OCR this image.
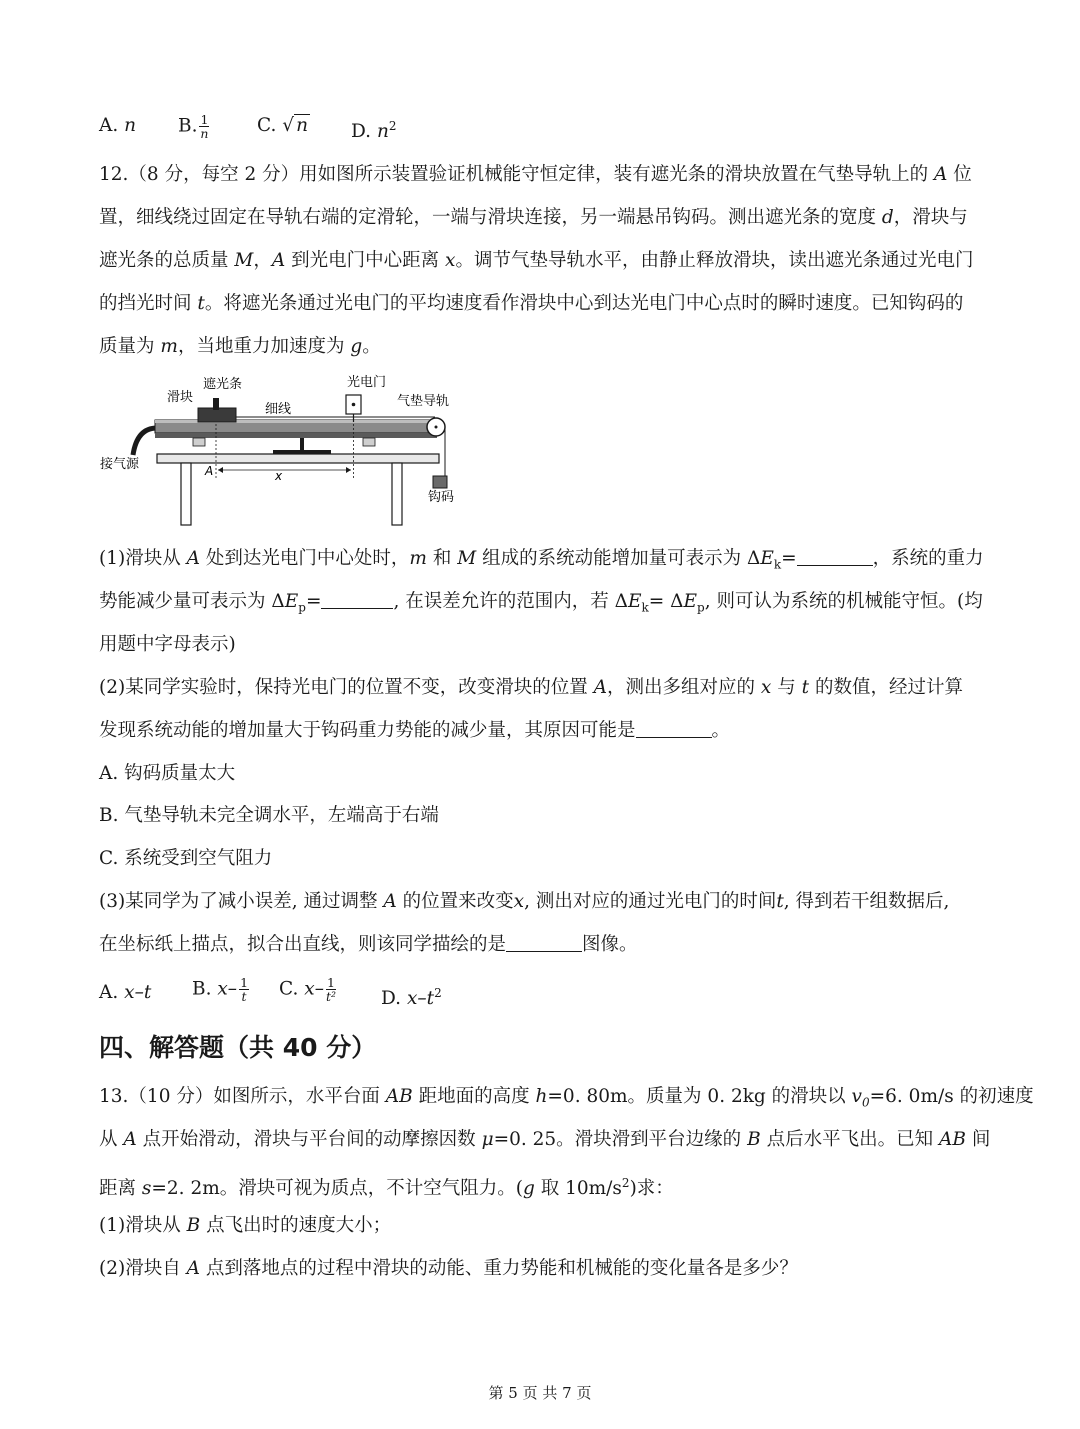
A. n B. $\frac{1}{n}$	C. √ n D. $n^2$
12.（8 分，每空 2 分）用如图所示装置验证机械能守恒定律，装有遮光条的滑块放置在气垫导轨上的 A 位
置，细线绕过固定在导轨右端的定滑轮，一端与滑块连接，另一端悬吊钩码。测出遮光条的宽度 d，滑块与
遮光条的总质量 M，A 到光电门中心距离 x。调节气垫导轨水平，由静止释放滑块，读出遮光条通过光电门
的挡光时间 t。将遮光条通过光电门的平均速度看作滑块中心到达光电门中心点时的瞬时速度。已知钩码的
质量为 m，当地重力加速度为 g。
滑块
遮光条	光电门
细线
气垫导轨
接气源	A	x
钩码
(1)滑块从 A 处到达光电门中心处时，m 和 M 组成的系统动能增加量可表示为 $\Delta E_k=$	，系统的重力
势能减少量可表示为 $\Delta E_p=$	, 在误差允许的范围内，若 $\Delta E_k= \Delta E_p$, 则可认为系统的机械能守恒。(均
用题中字母表示)
(2)某同学实验时，保持光电门的位置不变，改变滑块的位置 A，测出多组对应的 x 与 t 的数值，经过计算
发现系统动能的增加量大于钩码重力势能的减少量，其原因可能是	。
A. 钩码质量太大
B. 气垫导轨未完全调水平，左端高于右端
C. 系统受到空气阻力
(3)某同学为了减小误差, 通过调整 A 的位置来改变x, 测出对应的通过光电门的时间t, 得到若干组数据后,
在坐标纸上描点，拟合出直线，则该同学描绘的是	图像。
A. x–t B. $x- \frac{1}{t} C$. $x- \frac{1}{\text{t²}} D$. $x-t^2$
四、解答题（共 40 分）
13.（10 分）如图所示，水平台面 AB 距地面的高度 h=0. 80m。质量为 0. 2kg 的滑块以 $v_0=6$. 0m/s 的初速度
从 A 点开始滑动，滑块与平台间的动摩擦因数 μ=0. 25。滑块滑到平台边缘的 B 点后水平飞出。已知 AB 间
距离 s=2. 2m。滑块可视为质点，不计空气阻力。(g 取 $10m/s^2$)求：
(1)滑块从 B 点飞出时的速度大小；
(2)滑块自 A 点到落地点的过程中滑块的动能、重力势能和机械能的变化量各是多少？
第 5 页 共 7 页
